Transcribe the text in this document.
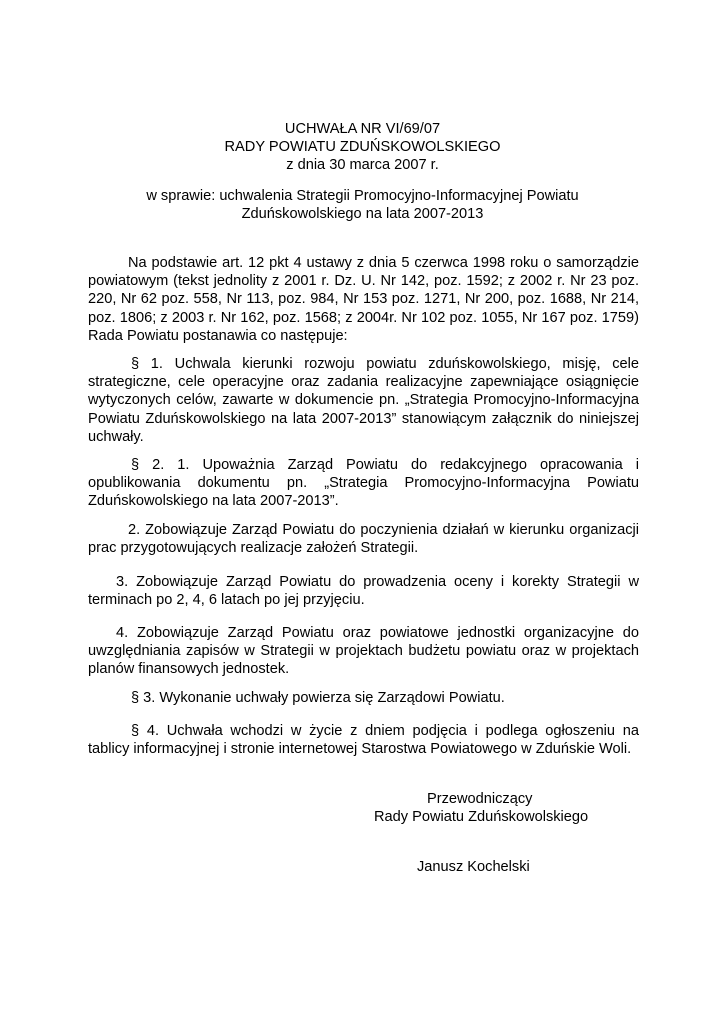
UCHWAŁA NR VI/69/07
RADY POWIATU ZDUŃSKOWOLSKIEGO
z dnia 30 marca 2007 r.
w sprawie: uchwalenia Strategii Promocyjno-Informacyjnej Powiatu
Zduńskowolskiego na lata 2007-2013

Na podstawie art. 12 pkt 4 ustawy z dnia 5 czerwca 1998 roku o samorządzie powiatowym (tekst jednolity z 2001 r. Dz. U. Nr 142, poz. 1592; z 2002 r. Nr 23 poz. 220, Nr 62 poz. 558, Nr 113, poz. 984, Nr 153 poz. 1271, Nr 200, poz. 1688, Nr 214, poz. 1806; z 2003 r. Nr 162, poz. 1568; z 2004r. Nr 102 poz. 1055, Nr 167 poz. 1759) Rada Powiatu postanawia co następuje:

§ 1. Uchwala kierunki rozwoju powiatu zduńskowolskiego, misję, cele strategiczne, cele operacyjne oraz zadania realizacyjne zapewniające osiągnięcie wytyczonych celów, zawarte w dokumencie pn. „Strategia Promocyjno-Informacyjna Powiatu Zduńskowolskiego na lata 2007-2013” stanowiącym załącznik do niniejszej uchwały.

§ 2. 1. Upoważnia Zarząd Powiatu do redakcyjnego opracowania i opublikowania dokumentu pn. „Strategia Promocyjno-Informacyjna Powiatu Zduńskowolskiego na lata 2007-2013”.

2. Zobowiązuje Zarząd Powiatu do poczynienia działań w kierunku organizacji prac przygotowujących realizacje założeń Strategii.

3. Zobowiązuje Zarząd Powiatu do prowadzenia oceny i korekty Strategii w terminach po 2, 4, 6 latach po jej przyjęciu.

4. Zobowiązuje Zarząd Powiatu oraz powiatowe jednostki organizacyjne do uwzględniania zapisów w Strategii w projektach budżetu powiatu oraz w projektach planów finansowych jednostek.

§ 3. Wykonanie uchwały powierza się Zarządowi Powiatu.

§ 4. Uchwała wchodzi w życie z dniem podjęcia i podlega ogłoszeniu na tablicy informacyjnej i stronie internetowej Starostwa Powiatowego w Zduńskie Woli.

Przewodniczący
Rady Powiatu Zduńskowolskiego
Janusz Kochelski
